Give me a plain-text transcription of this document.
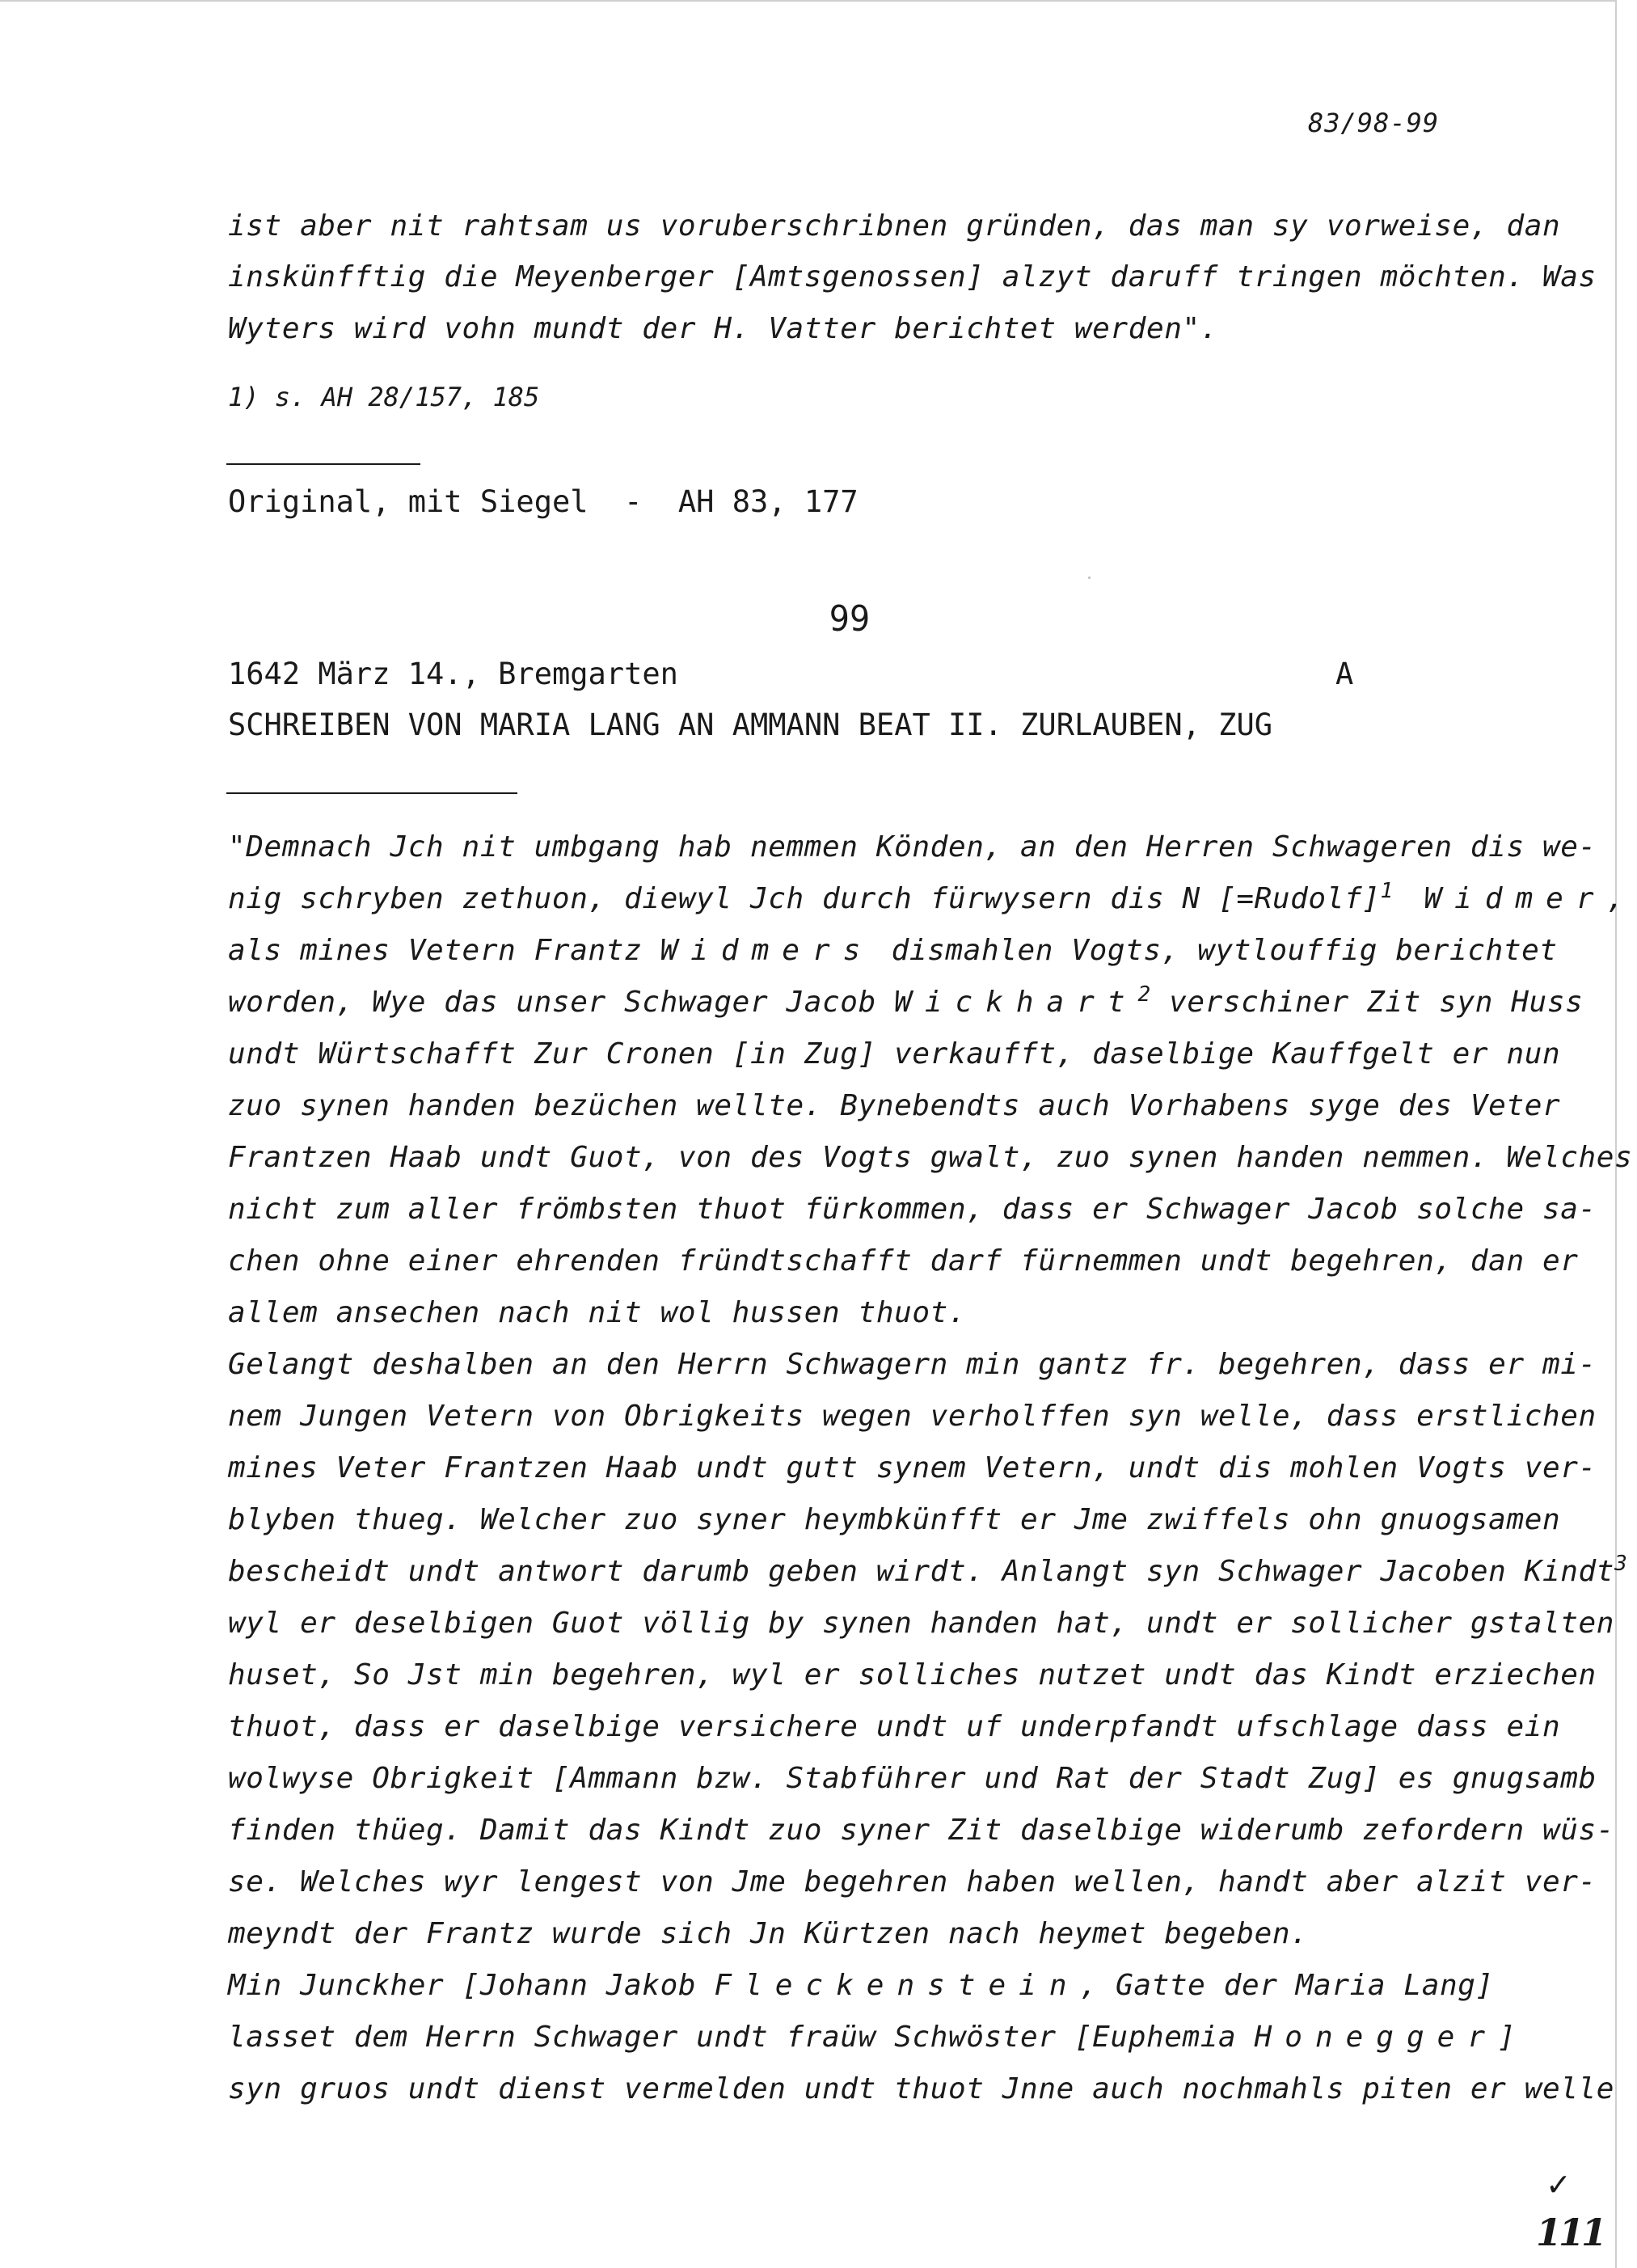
83/98-99
ist aber nit rahtsam us voruberschribnen gründen, das man sy vorweise, dan
inskünfftig die Meyenberger [Amtsgenossen] alzyt daruff tringen möchten. Was
Wyters wird vohn mundt der H. Vatter berichtet werden".
1) s. AH 28/157, 185
Original, mit Siegel  -  AH 83, 177
99
1642 März 14., Bremgarten	A
SCHREIBEN VON MARIA LANG AN AMMANN BEAT II. ZURLAUBEN, ZUG
"Demnach Jch nit umbgang hab nemmen Könden, an den Herren Schwageren dis we-
nig schryben zethuon, diewyl Jch durch fürwysern dis N [=Rudolf]$^1$ Widmer,
als mines Vetern Frantz Widmers dismahlen Vogts, wytlouffig berichtet
worden, Wye das unser Schwager Jacob Wickhart$^2$ verschiner Zit syn Huss
undt Würtschafft Zur Cronen [in Zug] verkaufft, daselbige Kauffgelt er nun
zuo synen handen bezüchen wellte. Bynebendts auch Vorhabens syge des Veter
Frantzen Haab undt Guot, von des Vogts gwalt, zuo synen handen nemmen. Welches
nicht zum aller frömbsten thuot fürkommen, dass er Schwager Jacob solche sa-
chen ohne einer ehrenden fründtschafft darf fürnemmen undt begehren, dan er
allem ansechen nach nit wol hussen thuot.
Gelangt deshalben an den Herrn Schwagern min gantz fr. begehren, dass er mi-
nem Jungen Vetern von Obrigkeits wegen verholffen syn welle, dass erstlichen
mines Veter Frantzen Haab undt gutt synem Vetern, undt dis mohlen Vogts ver-
blyben thueg. Welcher zuo syner heymbkünfft er Jme zwiffels ohn gnuogsamen
bescheidt undt antwort darumb geben wirdt. Anlangt syn Schwager Jacoben Kindt$^3$
wyl er deselbigen Guot völlig by synen handen hat, undt er sollicher gstalten
huset, So Jst min begehren, wyl er solliches nutzet undt das Kindt erziechen
thuot, dass er daselbige versichere undt uf underpfandt ufschlage dass ein
wolwyse Obrigkeit [Ammann bzw. Stabführer und Rat der Stadt Zug] es gnugsamb
finden thüeg. Damit das Kindt zuo syner Zit daselbige widerumb zefordern wüs-
se. Welches wyr lengest von Jme begehren haben wellen, handt aber alzit ver-
meyndt der Frantz wurde sich Jn Kürtzen nach heymet begeben.
Min Junckher [Johann Jakob Fleckenstein, Gatte der Maria Lang]
lasset dem Herrn Schwager undt fraüw Schwöster [Euphemia Honegger]
syn gruos undt dienst vermelden undt thuot Jnne auch nochmahls piten er welle
✓
111
